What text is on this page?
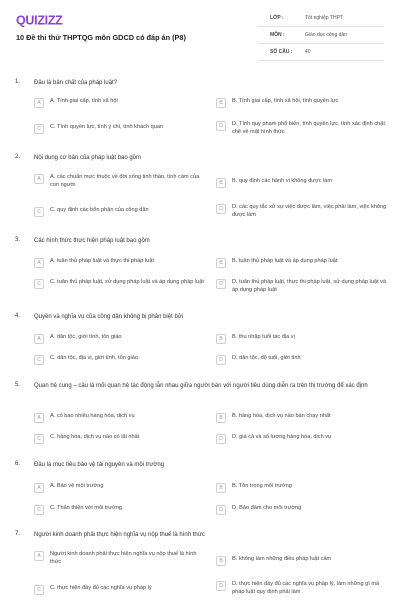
QUIZIZZ
10 Đề thi thử THPTQG môn GDCD có đáp án (P8)
LỚP :	Tốt nghiệp THPT
MÔN :	Giáo dục công dân
SỐ CÂU :	40
1. Đâu là bản chất của pháp luật?
A	A. Tính giai cấp, tính xã hội	B	B. Tính giai cấp, tính xã hội, tính quyền lực
C	C. Tính quyền lực, tính ý chí, tính khách quan	D	D. Tính quy phạm phổ biến, tính quyền lực, tính xác định chặt chẽ về mặt hình thức
2. Nội dung cơ bản của pháp luật bao gồm
A	A. các chuẩn mực thuộc về đời sống tinh thần, tình cảm của con người	B	B. quy định các hành vi không được làm
C	C. quy định các bổn phận của công dân	D	D. các quy tắc xử sự việc được làm, việc phải làm, việc không được làm
3. Các hình thức thực hiện pháp luật bao gồm
A	A. tuân thủ pháp luật và thực thi pháp luật	B	B. tuân thủ pháp luật và áp dụng pháp luật
C	C. tuân thủ pháp luật, sử dụng pháp luật và áp dụng pháp luật	D	D. tuân thủ pháp luật, thực thi pháp luật, sử dụng pháp luật và áp dụng pháp luật
4. Quyền và nghĩa vụ của công dân không bị phân biệt bởi
A	A. dân tộc, giới tính, tôn giáo	B	B. thu nhập tuổi tác địa vị
C	C. dân tộc, địa vị, giới tính, tôn giáo	D	D. dân tộc, độ tuổi, giới tính
5. Quan hệ cung – cầu là mối quan hệ tác động lẫn nhau giữa người bán với người tiêu dùng diễn ra trên thị trường để xác định
A	A. có bao nhiêu hàng hóa, dịch vụ	B	B. hàng hóa, dịch vụ nào bán chạy nhất
C	C. hàng hóa, dịch vụ nào có lãi nhất	D	D. giá cả và số lượng hàng hóa, dịch vụ
6. Đâu là mục tiêu bảo vệ tài nguyên và môi trường
A	A. Bảo vệ môi trường	B	B. Tôn trọng môi trường
C	C. Thân thiện với môi trường	D	D. Bảo đảm cho môi trường
7. Người kinh doanh phải thực hiện nghĩa vụ nộp thuế là hình thức
A	Người kinh doanh phải thực hiện nghĩa vụ nộp thuế là hình thức	B	B. không làm những điều pháp luật cấm
C	C. thực hiện đầy đủ các nghĩa vụ pháp lý	D	D. thực hiện đầy đủ các nghĩa vụ pháp lý, làm những gì mà pháp luật quy định phải làm
